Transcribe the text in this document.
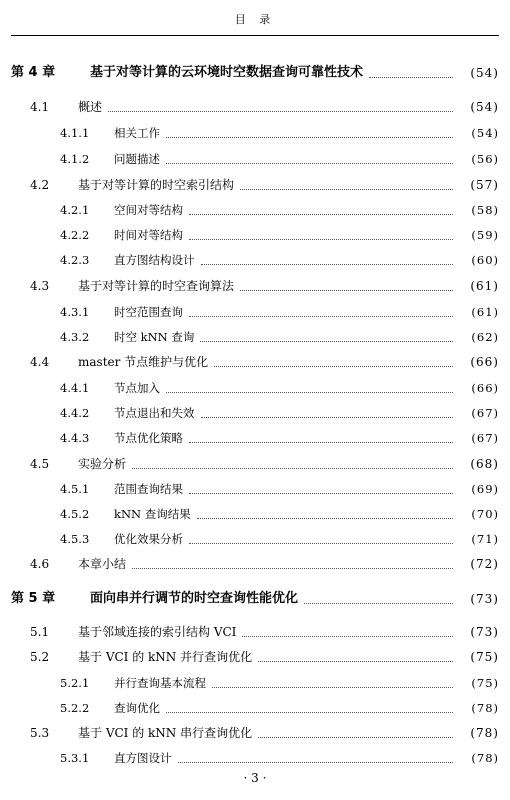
目 录
第 4 章	基于对等计算的云环境时空数据查询可靠性技术	(54)
4.1	概述	(54)
4.1.1	相关工作	(54)
4.1.2	问题描述	(56)
4.2	基于对等计算的时空索引结构	(57)
4.2.1	空间对等结构	(58)
4.2.2	时间对等结构	(59)
4.2.3	直方图结构设计	(60)
4.3	基于对等计算的时空查询算法	(61)
4.3.1	时空范围查询	(61)
4.3.2	时空 kNN 查询	(62)
4.4	master 节点维护与优化	(66)
4.4.1	节点加入	(66)
4.4.2	节点退出和失效	(67)
4.4.3	节点优化策略	(67)
4.5	实验分析	(68)
4.5.1	范围查询结果	(69)
4.5.2	kNN 查询结果	(70)
4.5.3	优化效果分析	(71)
4.6	本章小结	(72)
第 5 章	面向串并行调节的时空查询性能优化	(73)
5.1	基于邻域连接的索引结构 VCI	(73)
5.2	基于 VCI 的 kNN 并行查询优化	(75)
5.2.1	并行查询基本流程	(75)
5.2.2	查询优化	(78)
5.3	基于 VCI 的 kNN 串行查询优化	(78)
5.3.1	直方图设计	(78)
· 3 ·
